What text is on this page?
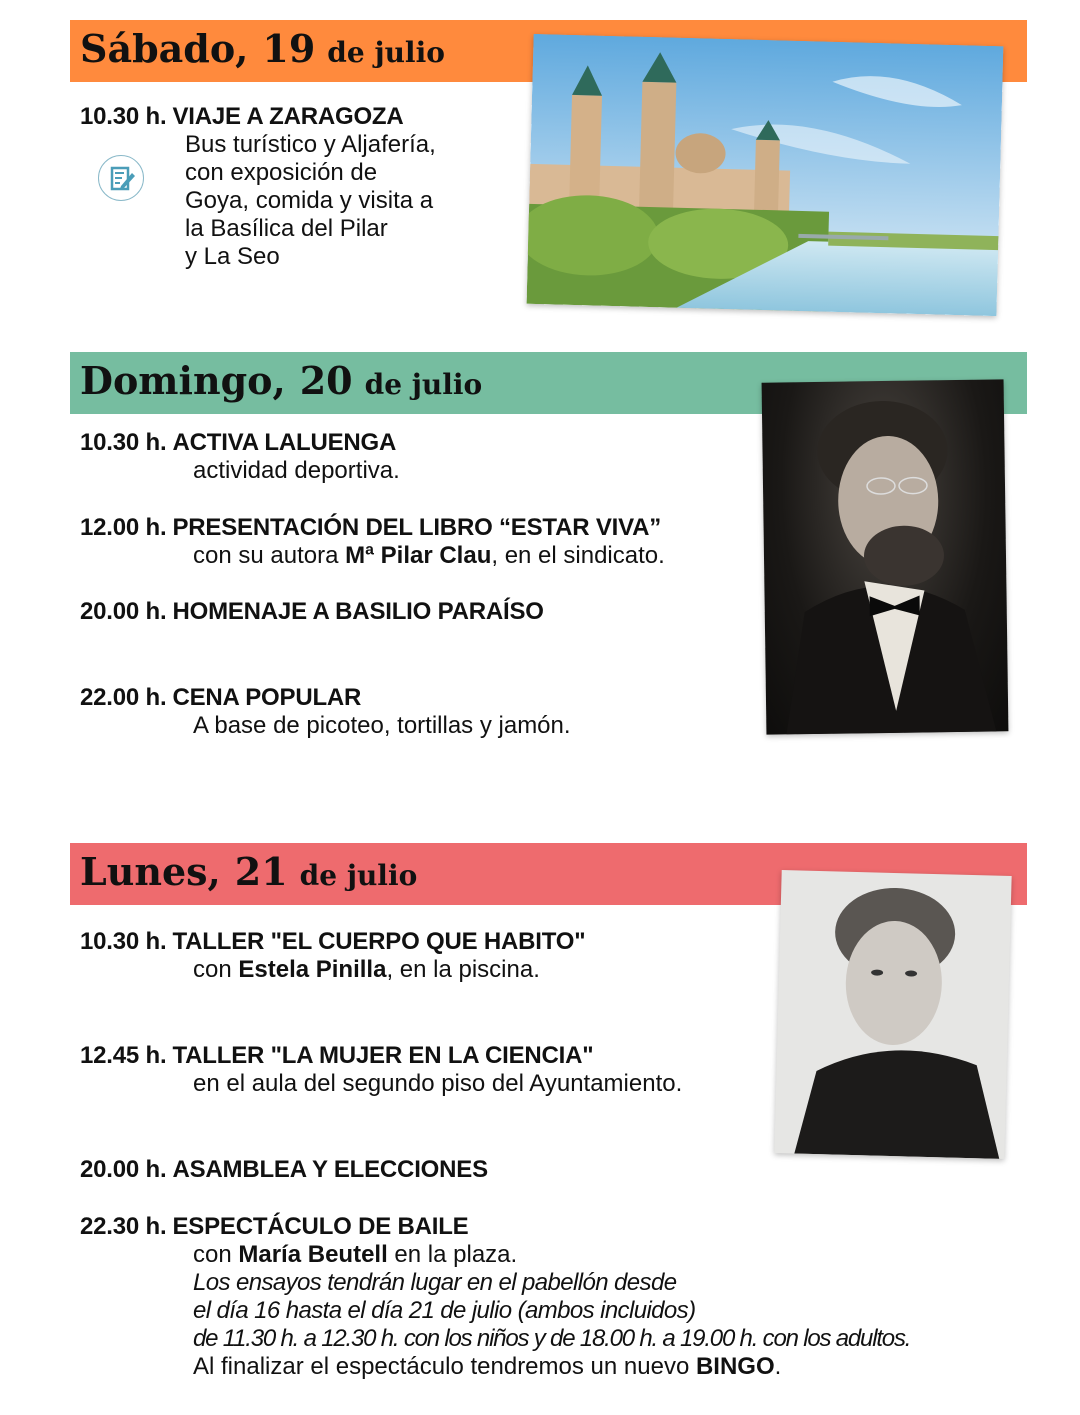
Sábado, 19 de julio
10.30 h. VIAJE A ZARAGOZA
Bus turístico y Aljafería,
con exposición de
Goya, comida y visita a
la Basílica del Pilar
y La Seo
Domingo, 20 de julio
10.30 h. ACTIVA LALUENGA
actividad deportiva.
12.00 h. PRESENTACIÓN DEL LIBRO “ESTAR VIVA”
con su autora Mª Pilar Clau, en el sindicato.
20.00 h. HOMENAJE A BASILIO PARAÍSO
22.00 h. CENA POPULAR
A base de picoteo, tortillas y jamón.
Lunes, 21 de julio
10.30 h. TALLER "EL CUERPO QUE HABITO"
con Estela Pinilla, en la piscina.
12.45 h. TALLER "LA MUJER EN LA CIENCIA"
en el aula del segundo piso del Ayuntamiento.
20.00 h. ASAMBLEA Y ELECCIONES
22.30 h. ESPECTÁCULO DE BAILE
con María Beutell en la plaza.
Los ensayos tendrán lugar en el pabellón desde
el día 16 hasta el día 21 de julio (ambos incluidos)
de 11.30 h. a 12.30 h. con los niños y de 18.00 h. a 19.00 h. con los adultos.
Al finalizar el espectáculo tendremos un nuevo BINGO.
